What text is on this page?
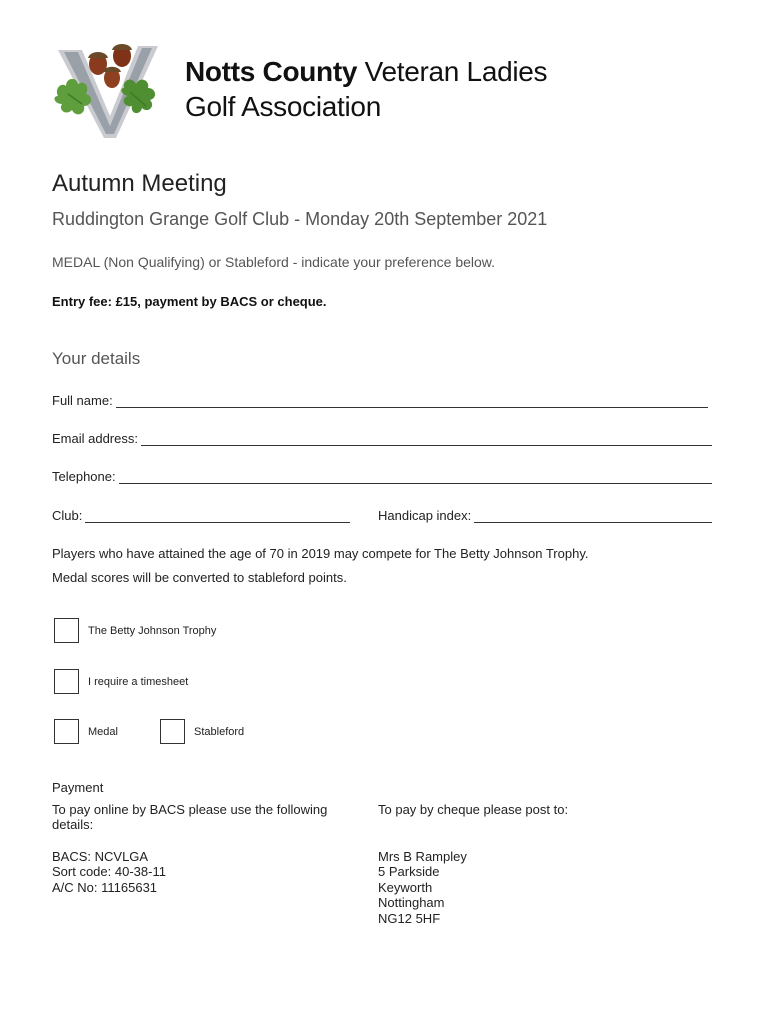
Notts County Veteran Ladies
Golf Association
Autumn Meeting
Ruddington Grange Golf Club - Monday 20th September 2021
MEDAL (Non Qualifying) or Stableford - indicate your preference below.
Entry fee: £15, payment by BACS or cheque.
Your details
Full name:
Email address:
Telephone:
Club:	Handicap index:
Players who have attained the age of 70 in 2019 may compete for The Betty Johnson Trophy.
Medal scores will be converted to stableford points.
The Betty Johnson Trophy
I require a timesheet
Medal	Stableford
Payment
To pay online by BACS please use the following
details:
To pay by cheque please post to:
BACS: NCVLGA
Sort code: 40-38-11
A/C No: 11165631
Mrs B Rampley
5 Parkside
Keyworth
Nottingham
NG12 5HF
